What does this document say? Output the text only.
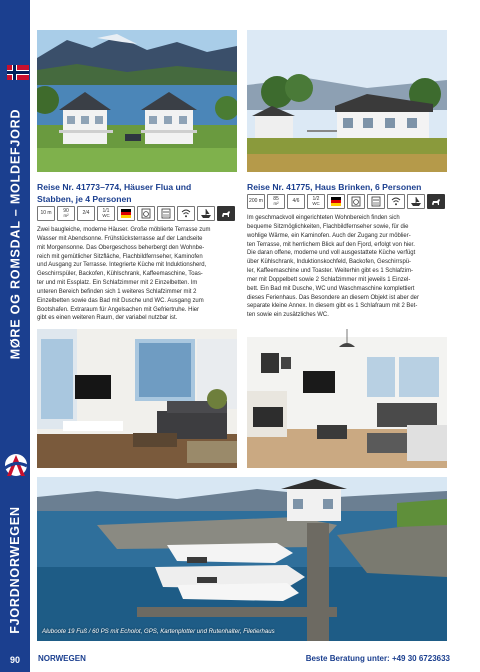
MØRE OG ROMSDAL – MOLDEFJORD
FJORDNORWEGEN
Reise Nr. 41773–774, Häuser Flua und
Stabben, je 4 Personen
Reise Nr. 41775, Haus Brinken, 6 Personen
10 m 90
m²	2/4	1/1
WC
200 m 85
m²	4/6	1/2
WC
Zwei baugleiche, moderne Häuser. Große möblierte Terrasse zum
Wasser mit Abendsonne. Frühstücksterrasse auf der Landseite
mit Morgensonne. Das Obergeschoss beherbergt den Wohnbe-
reich mit gemütlicher Sitzfläche, Flachbildfernseher, Kaminofen
und Ausgang zur Terrasse. Integrierte Küche mit Induktionsherd,
Geschirrspüler, Backofen, Kühlschrank, Kaffeemaschine, Toas-
ter und mit Essplatz. Ein Schlafzimmer mit 2 Einzelbetten. Im
unteren Bereich befinden sich 1 weiteres Schlafzimmer mit 2
Einzelbetten sowie das Bad mit Dusche und WC. Ausgang zum
Bootshafen. Extraraum für Angelsachen mit Gefriertruhe. Hier
gibt es einen weiteren Raum, der variabel nutzbar ist.
Im geschmackvoll eingerichteten Wohnbereich finden sich
bequeme Sitzmöglichkeiten, Flachbildfernseher sowie, für die
wohlige Wärme, ein Kaminofen. Auch der Zugang zur möblier-
ten Terrasse, mit herrlichem Blick auf den Fjord, erfolgt von hier.
Die daran offene, moderne und voll ausgestattete Küche verfügt
über Kühlschrank, Induktionskochfeld, Backofen, Geschirrspü-
ler, Kaffeemaschine und Toaster. Weiterhin gibt es 1 Schlafzim-
mer mit Doppelbett sowie 2 Schlafzimmer mit jeweils 1 Einzel-
bett. Ein Bad mit Dusche, WC und Waschmaschine komplettiert
dieses Ferienhaus. Das Besondere an diesem Objekt ist aber der
separate kleine Annex. In diesem gibt es 1 Schlafraum mit 2 Bet-
ten sowie ein zusätzliches WC.
Aluboote 19 Fuß / 60 PS mit Echolot, GPS, Kartenplotter und Rutenhalter, Filetierhaus
90	NORWEGEN	Beste Beratung unter: +49 30 6723633
